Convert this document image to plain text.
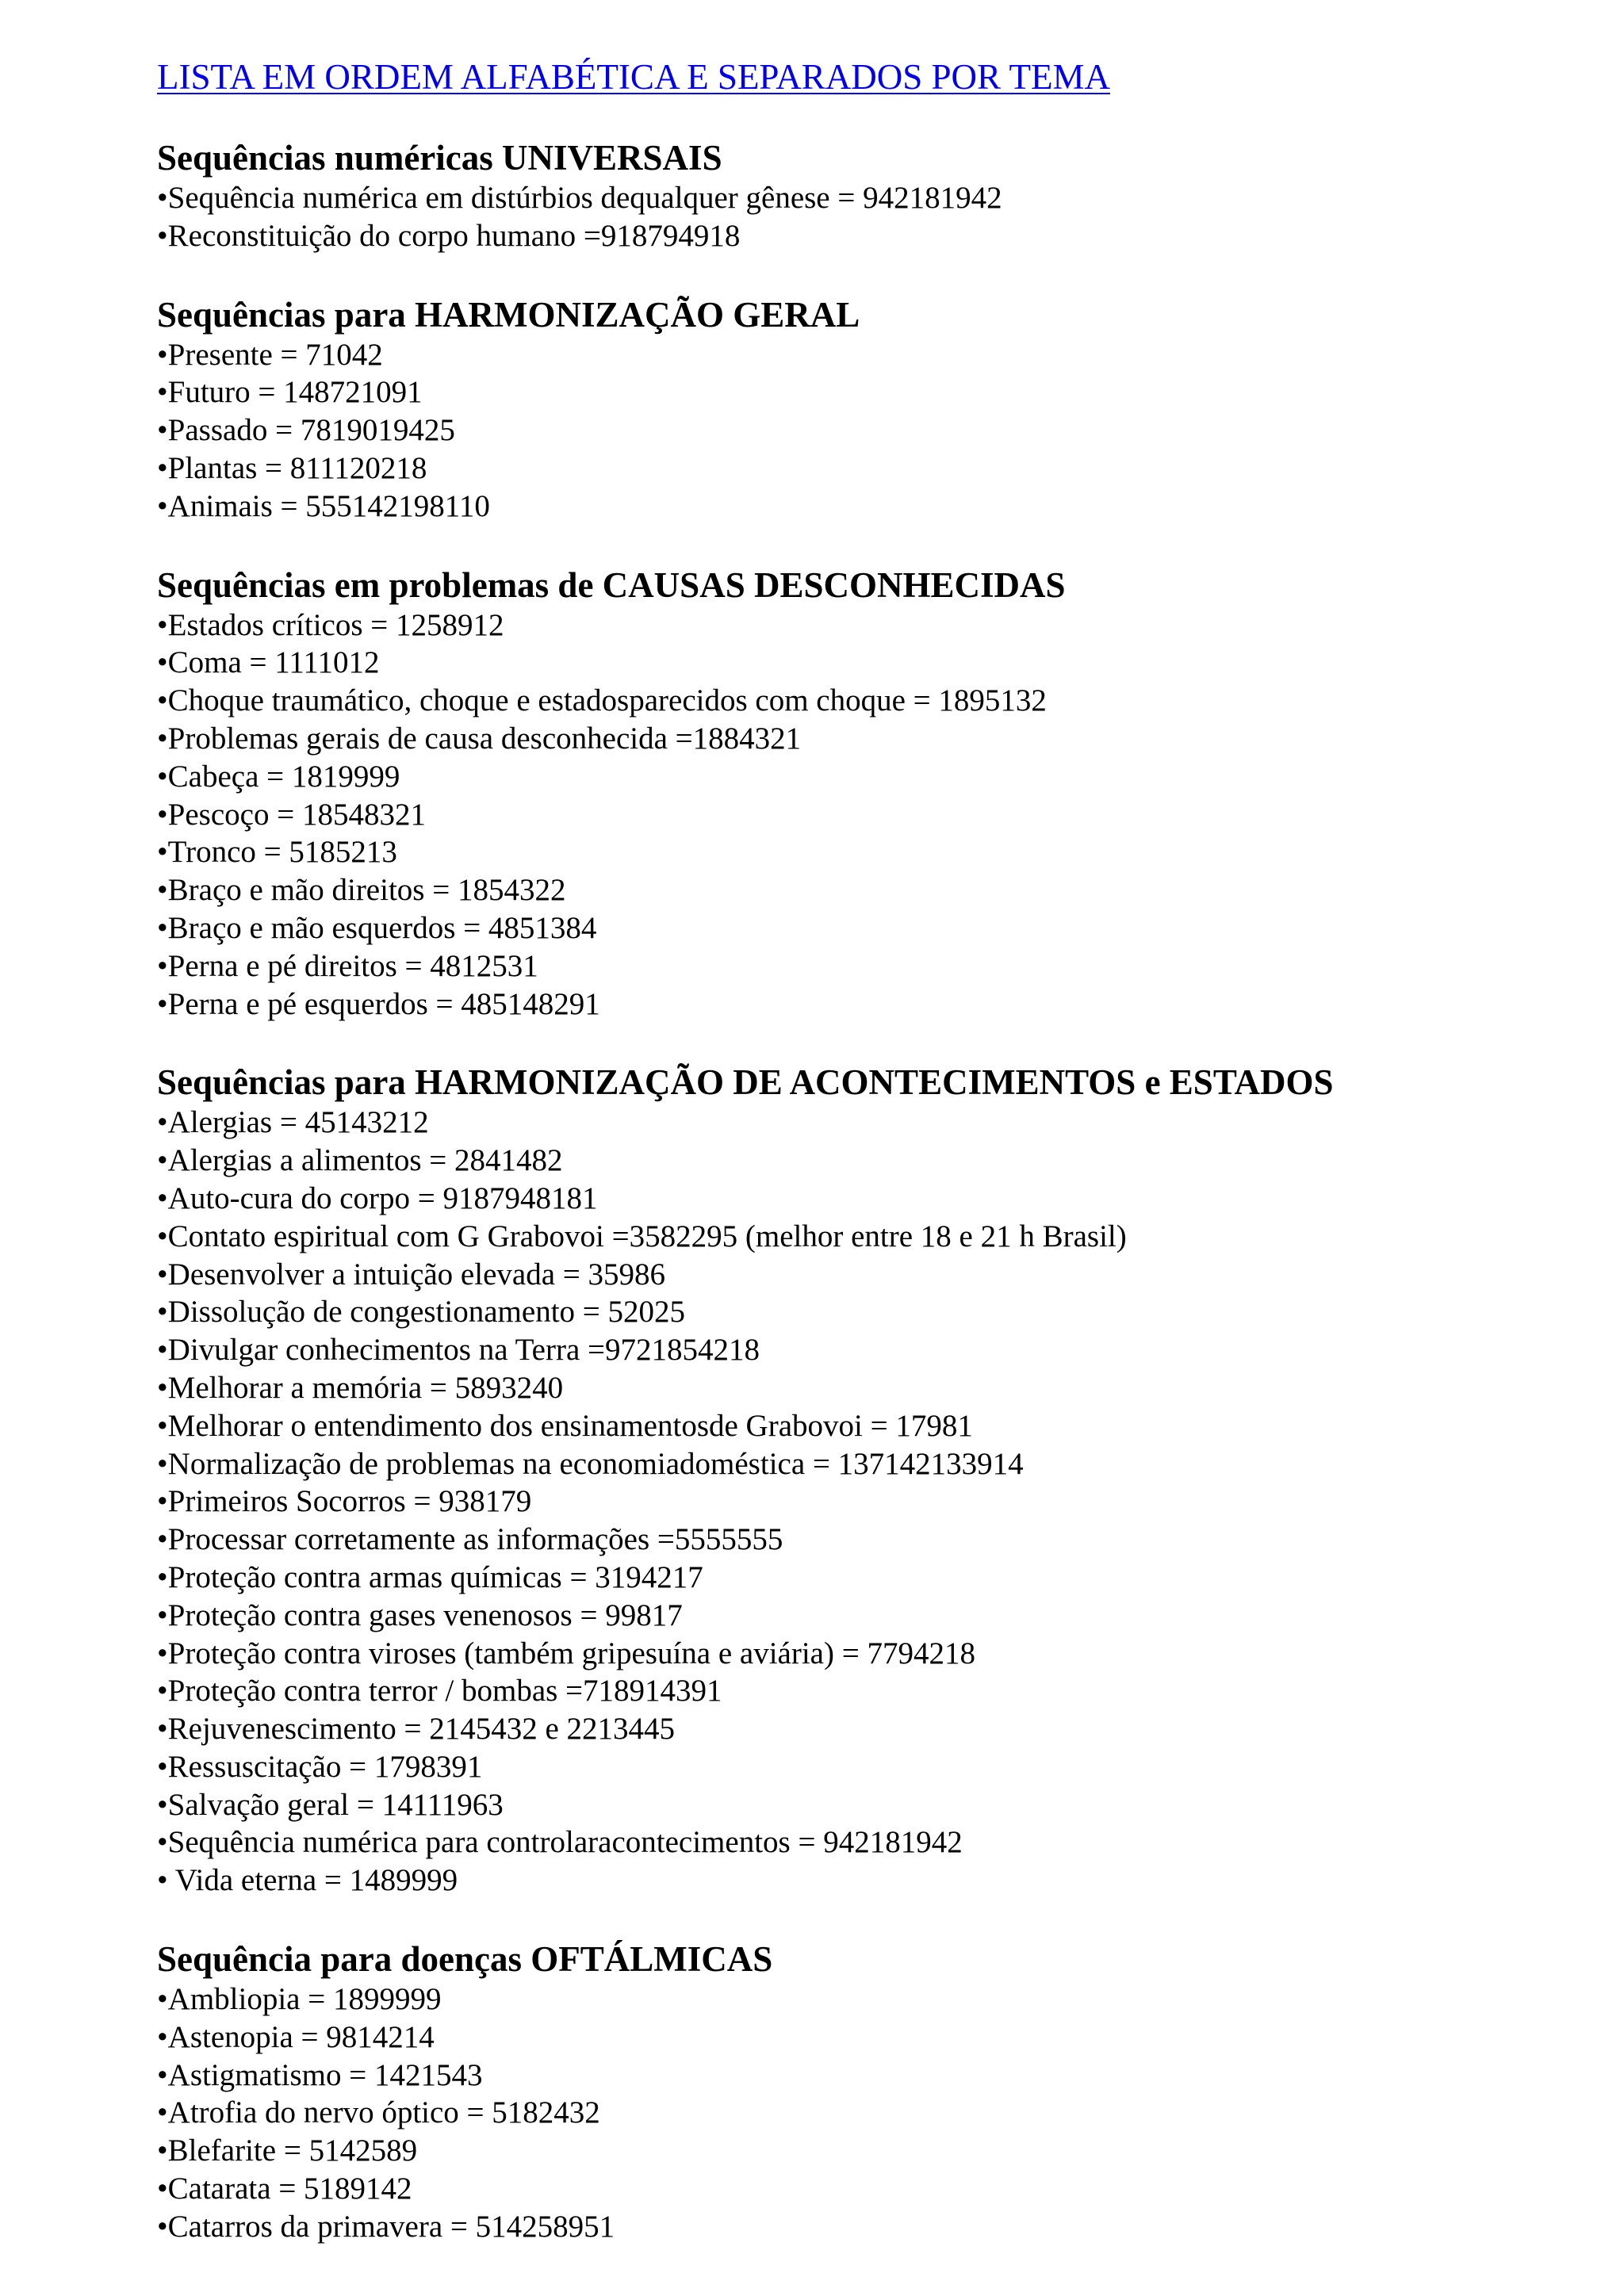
LISTA EM ORDEM ALFABÉTICA E SEPARADOS POR TEMA
Sequências numéricas UNIVERSAIS
•Sequência numérica em distúrbios dequalquer gênese = 942181942
•Reconstituição do corpo humano =918794918
Sequências para HARMONIZAÇÃO GERAL
•Presente = 71042
•Futuro = 148721091
•Passado = 7819019425
•Plantas = 811120218
•Animais = 555142198110
Sequências em problemas de CAUSAS DESCONHECIDAS
•Estados críticos = 1258912
•Coma = 1111012
•Choque traumático, choque e estadosparecidos com choque = 1895132
•Problemas gerais de causa desconhecida =1884321
•Cabeça = 1819999
•Pescoço = 18548321
•Tronco = 5185213
•Braço e mão direitos = 1854322
•Braço e mão esquerdos = 4851384
•Perna e pé direitos = 4812531
•Perna e pé esquerdos = 485148291
Sequências para HARMONIZAÇÃO DE ACONTECIMENTOS e ESTADOS
•Alergias = 45143212
•Alergias a alimentos = 2841482
•Auto-cura do corpo = 9187948181
•Contato espiritual com G Grabovoi =3582295 (melhor entre 18 e 21 h Brasil)
•Desenvolver a intuição elevada = 35986
•Dissolução de congestionamento = 52025
•Divulgar conhecimentos na Terra =9721854218
•Melhorar a memória = 5893240
•Melhorar o entendimento dos ensinamentosde Grabovoi = 17981
•Normalização de problemas na economiadoméstica = 137142133914
•Primeiros Socorros = 938179
•Processar corretamente as informações =5555555
•Proteção contra armas químicas = 3194217
•Proteção contra gases venenosos = 99817
•Proteção contra viroses (também gripesuína e aviária) = 7794218
•Proteção contra terror / bombas =718914391
•Rejuvenescimento = 2145432 e 2213445
•Ressuscitação = 1798391
•Salvação geral = 14111963
•Sequência numérica para controlaracontecimentos = 942181942
• Vida eterna = 1489999
Sequência para doenças OFTÁLMICAS
•Ambliopia = 1899999
•Astenopia = 9814214
•Astigmatismo = 1421543
•Atrofia do nervo óptico = 5182432
•Blefarite = 5142589
•Catarata = 5189142
•Catarros da primavera = 514258951
